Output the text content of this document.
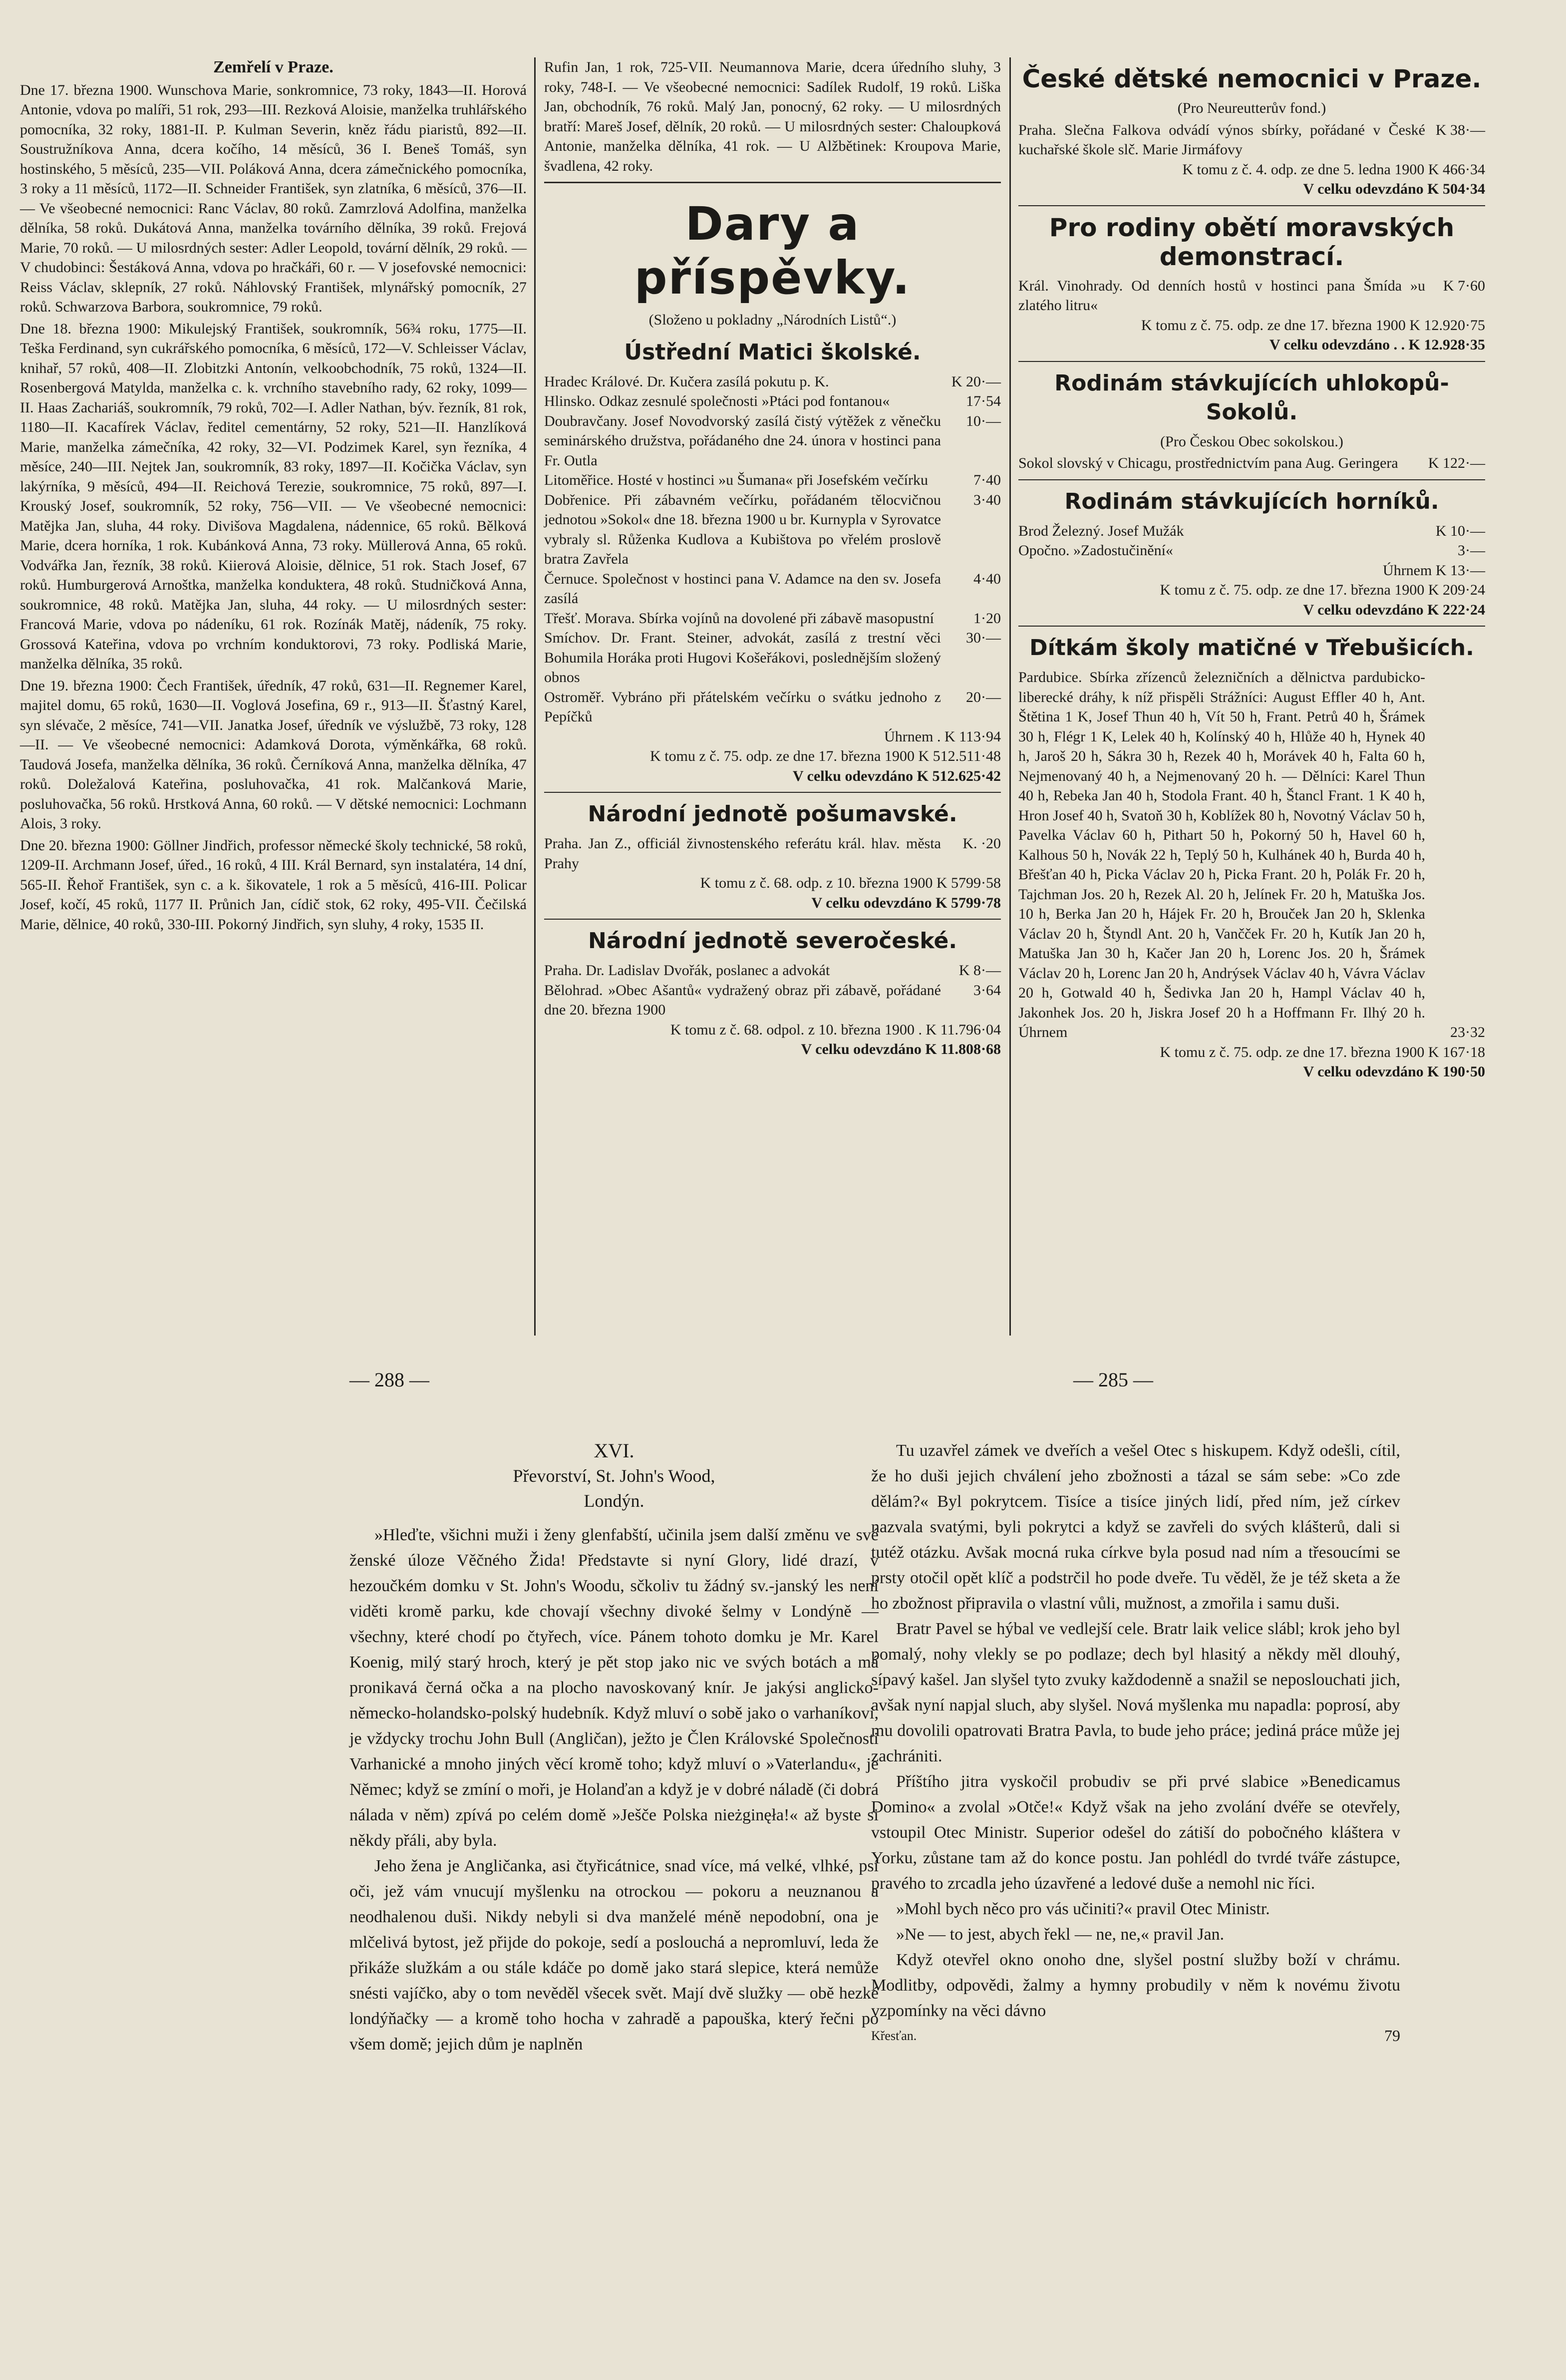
Zemřelí v Praze.

Dne 17. března 1900. Wunschova Marie, sonkromnice, 73 roky, 1843—II. Horová Antonie, vdova po malíři, 51 rok, 293—III. Rezková Aloisie, manželka truhlářského pomocníka, 32 roky, 1881-II. P. Kulman Severin, kněz řádu piaristů, 892—II. Soustružníkova Anna, dcera kočího, 14 měsíců, 36 I. Beneš Tomáš, syn hostinského, 5 měsíců, 235—VII. Poláková Anna, dcera zámečnického pomocníka, 3 roky a 11 měsíců, 1172—II. Schneider František, syn zlatníka, 6 měsíců, 376—II. — Ve všeobecné nemocnici: Ranc Václav, 80 roků. Zamrzlová Adolfina, manželka dělníka, 58 roků. Dukátová Anna, manželka továrního dělníka, 39 roků. Frejová Marie, 70 roků. — U milosrdných sester: Adler Leopold, tovární dělník, 29 roků. — V chudobinci: Šestáková Anna, vdova po hračkáři, 60 r. — V josefovské nemocnici: Reiss Václav, sklepník, 27 roků. Náhlovský František, mlynářský pomocník, 27 roků. Schwarzova Barbora, soukromnice, 79 roků.

Dne 18. března 1900: Mikulejský František, soukromník, 56¾ roku, 1775—II. Teška Ferdinand, syn cukrářského pomocníka, 6 měsíců, 172—V. Schleisser Václav, knihař, 57 roků, 408—II. Zlobitzki Antonín, velkoobchodník, 75 roků, 1324—II. Rosenbergová Matylda, manželka c. k. vrchního stavebního rady, 62 roky, 1099—II. Haas Zachariáš, soukromník, 79 roků, 702—I. Adler Nathan, býv. řezník, 81 rok, 1180—II. Kacafírek Václav, ředitel cementárny, 52 roky, 521—II. Hanzlíková Marie, manželka zámečníka, 42 roky, 32—VI. Podzimek Karel, syn řezníka, 4 měsíce, 240—III. Nejtek Jan, soukromník, 83 roky, 1897—II. Kočička Václav, syn lakýrníka, 9 měsíců, 494—II. Reichová Terezie, soukromnice, 75 roků, 897—I. Krouský Josef, soukromník, 52 roky, 756—VII. — Ve všeobecné nemocnici: Matějka Jan, sluha, 44 roky. Divišova Magdalena, nádennice, 65 roků. Bělková Marie, dcera horníka, 1 rok. Kubánková Anna, 73 roky. Müllerová Anna, 65 roků. Vodvářka Jan, řezník, 38 roků. Kiierová Aloisie, dělnice, 51 rok. Stach Josef, 67 roků. Humburgerová Arnoštka, manželka konduktera, 48 roků. Studničková Anna, soukromnice, 48 roků. Matějka Jan, sluha, 44 roky. — U milosrdných sester: Francová Marie, vdova po nádeníku, 61 rok. Rozínák Matěj, nádeník, 75 roky. Grossová Kateřina, vdova po vrchním konduktorovi, 73 roky. Podliská Marie, manželka dělníka, 35 roků.

Dne 19. března 1900: Čech František, úředník, 47 roků, 631—II. Regnemer Karel, majitel domu, 65 roků, 1630—II. Voglová Josefina, 69 r., 913—II. Šťastný Karel, syn slévače, 2 měsíce, 741—VII. Janatka Josef, úředník ve výslužbě, 73 roky, 128—II. — Ve všeobecné nemocnici: Adamková Dorota, výměnkářka, 68 roků. Taudová Josefa, manželka dělníka, 36 roků. Černíková Anna, manželka dělníka, 47 roků. Doležalová Kateřina, posluhovačka, 41 rok. Malčanková Marie, posluhovačka, 56 roků. Hrstková Anna, 60 roků. — V dětské nemocnici: Lochmann Alois, 3 roky.

Dne 20. března 1900: Göllner Jindřich, professor německé školy technické, 58 roků, 1209-II. Archmann Josef, úřed., 16 roků, 4 III. Král Bernard, syn instalatéra, 14 dní, 565-II. Řehoř František, syn c. a k. šikovatele, 1 rok a 5 měsíců, 416-III. Policar Josef, kočí, 45 roků, 1177 II. Průnich Jan, cídič stok, 62 roky, 495-VII. Čečilská Marie, dělnice, 40 roků, 330-III. Pokorný Jindřich, syn sluhy, 4 roky, 1535 II.

Rufin Jan, 1 rok, 725-VII. Neumannova Marie, dcera úředního sluhy, 3 roky, 748-I. — Ve všeobecné nemocnici: Sadílek Rudolf, 19 roků. Liška Jan, obchodník, 76 roků. Malý Jan, ponocný, 62 roky. — U milosrdných bratří: Mareš Josef, dělník, 20 roků. — U milosrdných sester: Chaloupková Antonie, manželka dělníka, 41 rok. — U Alžbětinek: Kroupova Marie, švadlena, 42 roky.

Dary a příspěvky.
(Složeno u pokladny „Národních Listů“.)
Ústřední Matici školské.
Hradec Králové. Dr. Kučera zasílá pokutu p. K.	K 20·—
Hlinsko. Odkaz zesnulé společnosti »Ptáci pod fontanou«	17·54
Doubravčany. Josef Novodvorský zasílá čistý výtěžek z věnečku seminárského družstva, pořádaného dne 24. února v hostinci pana Fr. Outla
10·—
Litoměřice. Hosté v hostinci »u Šumana« při Josefském večírku	7·40
Dobřenice. Při zábavném večírku, pořádaném tělocvičnou jednotou »Sokol« dne 18. března 1900 u br. Kurnypla v Syrovatce vybraly sl. Růženka Kudlova a Kubištova po vřelém proslově bratra Zavřela
3·40
Černuce. Společnost v hostinci pana V. Adamce na den sv. Josefa zasílá
4·40
Třešť. Morava. Sbírka vojínů na dovolené při zábavě masopustní	1·20
Smíchov. Dr. Frant. Steiner, advokát, zasílá z trestní věci Bohumila Horáka proti Hugovi Košeřákovi, poslednějším složený obnos
30·—
Ostroměř. Vybráno při přátelském večírku o svátku jednoho z Pepíčků
20·—
Úhrnem . K 113·94
K tomu z č. 75. odp. ze dne 17. března 1900 K 512.511·48
V celku odevzdáno K 512.625·42
Národní jednotě pošumavské.
Praha. Jan Z., officiál živnostenského referátu král. hlav. města Prahy
K. ·20
K tomu z č. 68. odp. z 10. března 1900 K 5799·58
V celku odevzdáno K 5799·78
Národní jednotě severočeské.
Praha. Dr. Ladislav Dvořák, poslanec a advokát	K 8·—
Bělohrad. »Obec Ašantů« vydražený obraz při zábavě, pořádané dne 20. března 1900
3·64
K tomu z č. 68. odpol. z 10. března 1900 . K 11.796·04
V celku odevzdáno K 11.808·68
České dětské nemocnici v Praze.
(Pro Neureutterův fond.)
Praha. Slečna Falkova odvádí výnos sbírky, pořádané v České kuchařské škole slč. Marie Jirmáfovy
K 38·—
K tomu z č. 4. odp. ze dne 5. ledna 1900 K 466·34
V celku odevzdáno K 504·34
Pro rodiny obětí moravských demonstrací.
Král. Vinohrady. Od denních hostů v hostinci pana Šmída »u zlatého litru«
K 7·60
K tomu z č. 75. odp. ze dne 17. března 1900 K 12.920·75
V celku odevzdáno . . K 12.928·35
Rodinám stávkujících uhlokopů-Sokolů.
(Pro Českou Obec sokolskou.)
Sokol slovský v Chicagu, prostřednictvím pana Aug. Geringera	K 122·—
Rodinám stávkujících horníků.
Brod Železný. Josef Mužák	K 10·—
Opočno. »Zadostučinění«	3·—
Úhrnem K 13·—
K tomu z č. 75. odp. ze dne 17. března 1900 K 209·24
V celku odevzdáno K 222·24
Dítkám školy matičné v Třebušicích.
Pardubice. Sbírka zřízenců železničních a dělnictva pardubicko-liberecké dráhy, k níž přispěli Strážníci: August Effler 40 h, Ant. Štětina 1 K, Josef Thun 40 h, Vít 50 h, Frant. Petrů 40 h, Šrámek 30 h, Flégr 1 K, Lelek 40 h, Kolínský 40 h, Hlůže 40 h, Hynek 40 h, Jaroš 20 h, Sákra 30 h, Rezek 40 h, Morávek 40 h, Falta 60 h, Nejmenovaný 40 h, a Nejmenovaný 20 h. — Dělníci: Karel Thun 40 h, Rebeka Jan 40 h, Stodola Frant. 40 h, Štancl Frant. 1 K 40 h, Hron Josef 40 h, Svatoň 30 h, Koblížek 80 h, Novotný Václav 50 h, Pavelka Václav 60 h, Pithart 50 h, Pokorný 50 h, Havel 60 h, Kalhous 50 h, Novák 22 h, Teplý 50 h, Kulhánek 40 h, Burda 40 h, Břešťan 40 h, Picka Václav 20 h, Picka Frant. 20 h, Polák Fr. 20 h, Tajchman Jos. 20 h, Rezek Al. 20 h, Jelínek Fr. 20 h, Matuška Jos. 10 h, Berka Jan 20 h, Hájek Fr. 20 h, Brouček Jan 20 h, Sklenka Václav 20 h, Štyndl Ant. 20 h, Vančček Fr. 20 h, Kutík Jan 20 h, Matuška Jan 30 h, Kačer Jan 20 h, Lorenc Jos. 20 h, Šrámek Václav 20 h, Lorenc Jan 20 h, Andrýsek Václav 40 h, Vávra Václav 20 h, Gotwald 40 h, Šedivka Jan 20 h, Hampl Václav 40 h, Jakonhek Jos. 20 h, Jiskra Josef 20 h a Hoffmann Fr. Ilhý 20 h. Úhrnem	23·32
K tomu z č. 75. odp. ze dne 17. března 1900 K 167·18
V celku odevzdáno K 190·50
— 288 —	— 285 —

XVI.

Převorství, St. John's Wood,
Londýn.

»Hleďte, všichni muži i ženy glenfabští, učinila jsem další změnu ve své ženské úloze Věčného Žida! Představte si nyní Glory, lidé drazí, v hezoučkém domku v St. John's Woodu, sčkoliv tu žádný sv.-janský les není viděti kromě parku, kde chovají všechny divoké šelmy v Londýně — všechny, které chodí po čtyřech, více. Pánem tohoto domku je Mr. Karel Koenig, milý starý hroch, který je pět stop jako nic ve svých botách a má pronikavá černá očka a na plocho navoskovaný knír. Je jakýsi anglicko-německo-holandsko-polský hudebník. Když mluví o sobě jako o varhaníkovi, je vždycky trochu John Bull (Angličan), ježto je Člen Královské Společnosti Varhanické a mnoho jiných věcí kromě toho; když mluví o »Vaterlandu«, je Němec; když se zmíní o moři, je Holanďan a když je v dobré náladě (či dobrá nálada v něm) zpívá po celém domě »Ješče Polska nieżginęła!« až byste si někdy přáli, aby byla.

Jeho žena je Angličanka, asi čtyřicátnice, snad více, má velké, vlhké, psí oči, jež vám vnucují myšlenku na otrockou — pokoru a neuznanou a neodhalenou duši. Nikdy nebyli si dva manželé méně nepodobní, ona je mlčelivá bytost, jež přijde do pokoje, sedí a poslouchá a nepromluví, leda že přikáže služkám a ou stále kdáče po domě jako stará slepice, která nemůže snésti vajíčko, aby o tom nevěděl všecek svět. Mají dvě služky — obě hezké londýňačky — a kromě toho hocha v zahradě a papouška, který řečni po všem domě; jejich dům je naplněn

Tu uzavřel zámek ve dveřích a vešel Otec s hiskupem. Když odešli, cítil, že ho duši jejich chválení jeho zbožnosti a tázal se sám sebe: »Co zde dělám?« Byl pokrytcem. Tisíce a tisíce jiných lidí, před ním, jež církev nazvala svatými, byli pokrytci a když se zavřeli do svých klášterů, dali si tutéž otázku. Avšak mocná ruka církve byla posud nad ním a třesoucími se prsty otočil opět klíč a podstrčil ho pode dveře. Tu věděl, že je též sketa a že ho zbožnost připravila o vlastní vůli, mužnost, a zmořila i samu duši.

Bratr Pavel se hýbal ve vedlejší cele. Bratr laik velice slábl; krok jeho byl pomalý, nohy vlekly se po podlaze; dech byl hlasitý a někdy měl dlouhý, sípavý kašel. Jan slyšel tyto zvuky každodenně a snažil se neposlouchati jich, avšak nyní napjal sluch, aby slyšel. Nová myšlenka mu napadla: poprosí, aby mu dovolili opatrovati Bratra Pavla, to bude jeho práce; jediná práce může jej zachrániti.

Příštího jitra vyskočil probudiv se při prvé slabice »Benedicamus Domino« a zvolal »Otče!« Když však na jeho zvolání dvéře se otevřely, vstoupil Otec Ministr. Superior odešel do zátiší do pobočného kláštera v Yorku, zůstane tam až do konce postu. Jan pohlédl do tvrdé tváře zástupce, pravého to zrcadla jeho úzavřené a ledové duše a nemohl nic říci.

»Mohl bych něco pro vás učiniti?« pravil Otec Ministr.

»Ne — to jest, abych řekl — ne, ne,« pravil Jan.

Když otevřel okno onoho dne, slyšel postní služby boží v chrámu. Modlitby, odpovědi, žalmy a hymny probudily v něm k novému životu vzpomínky na věci dávno

Křesťan.	79
